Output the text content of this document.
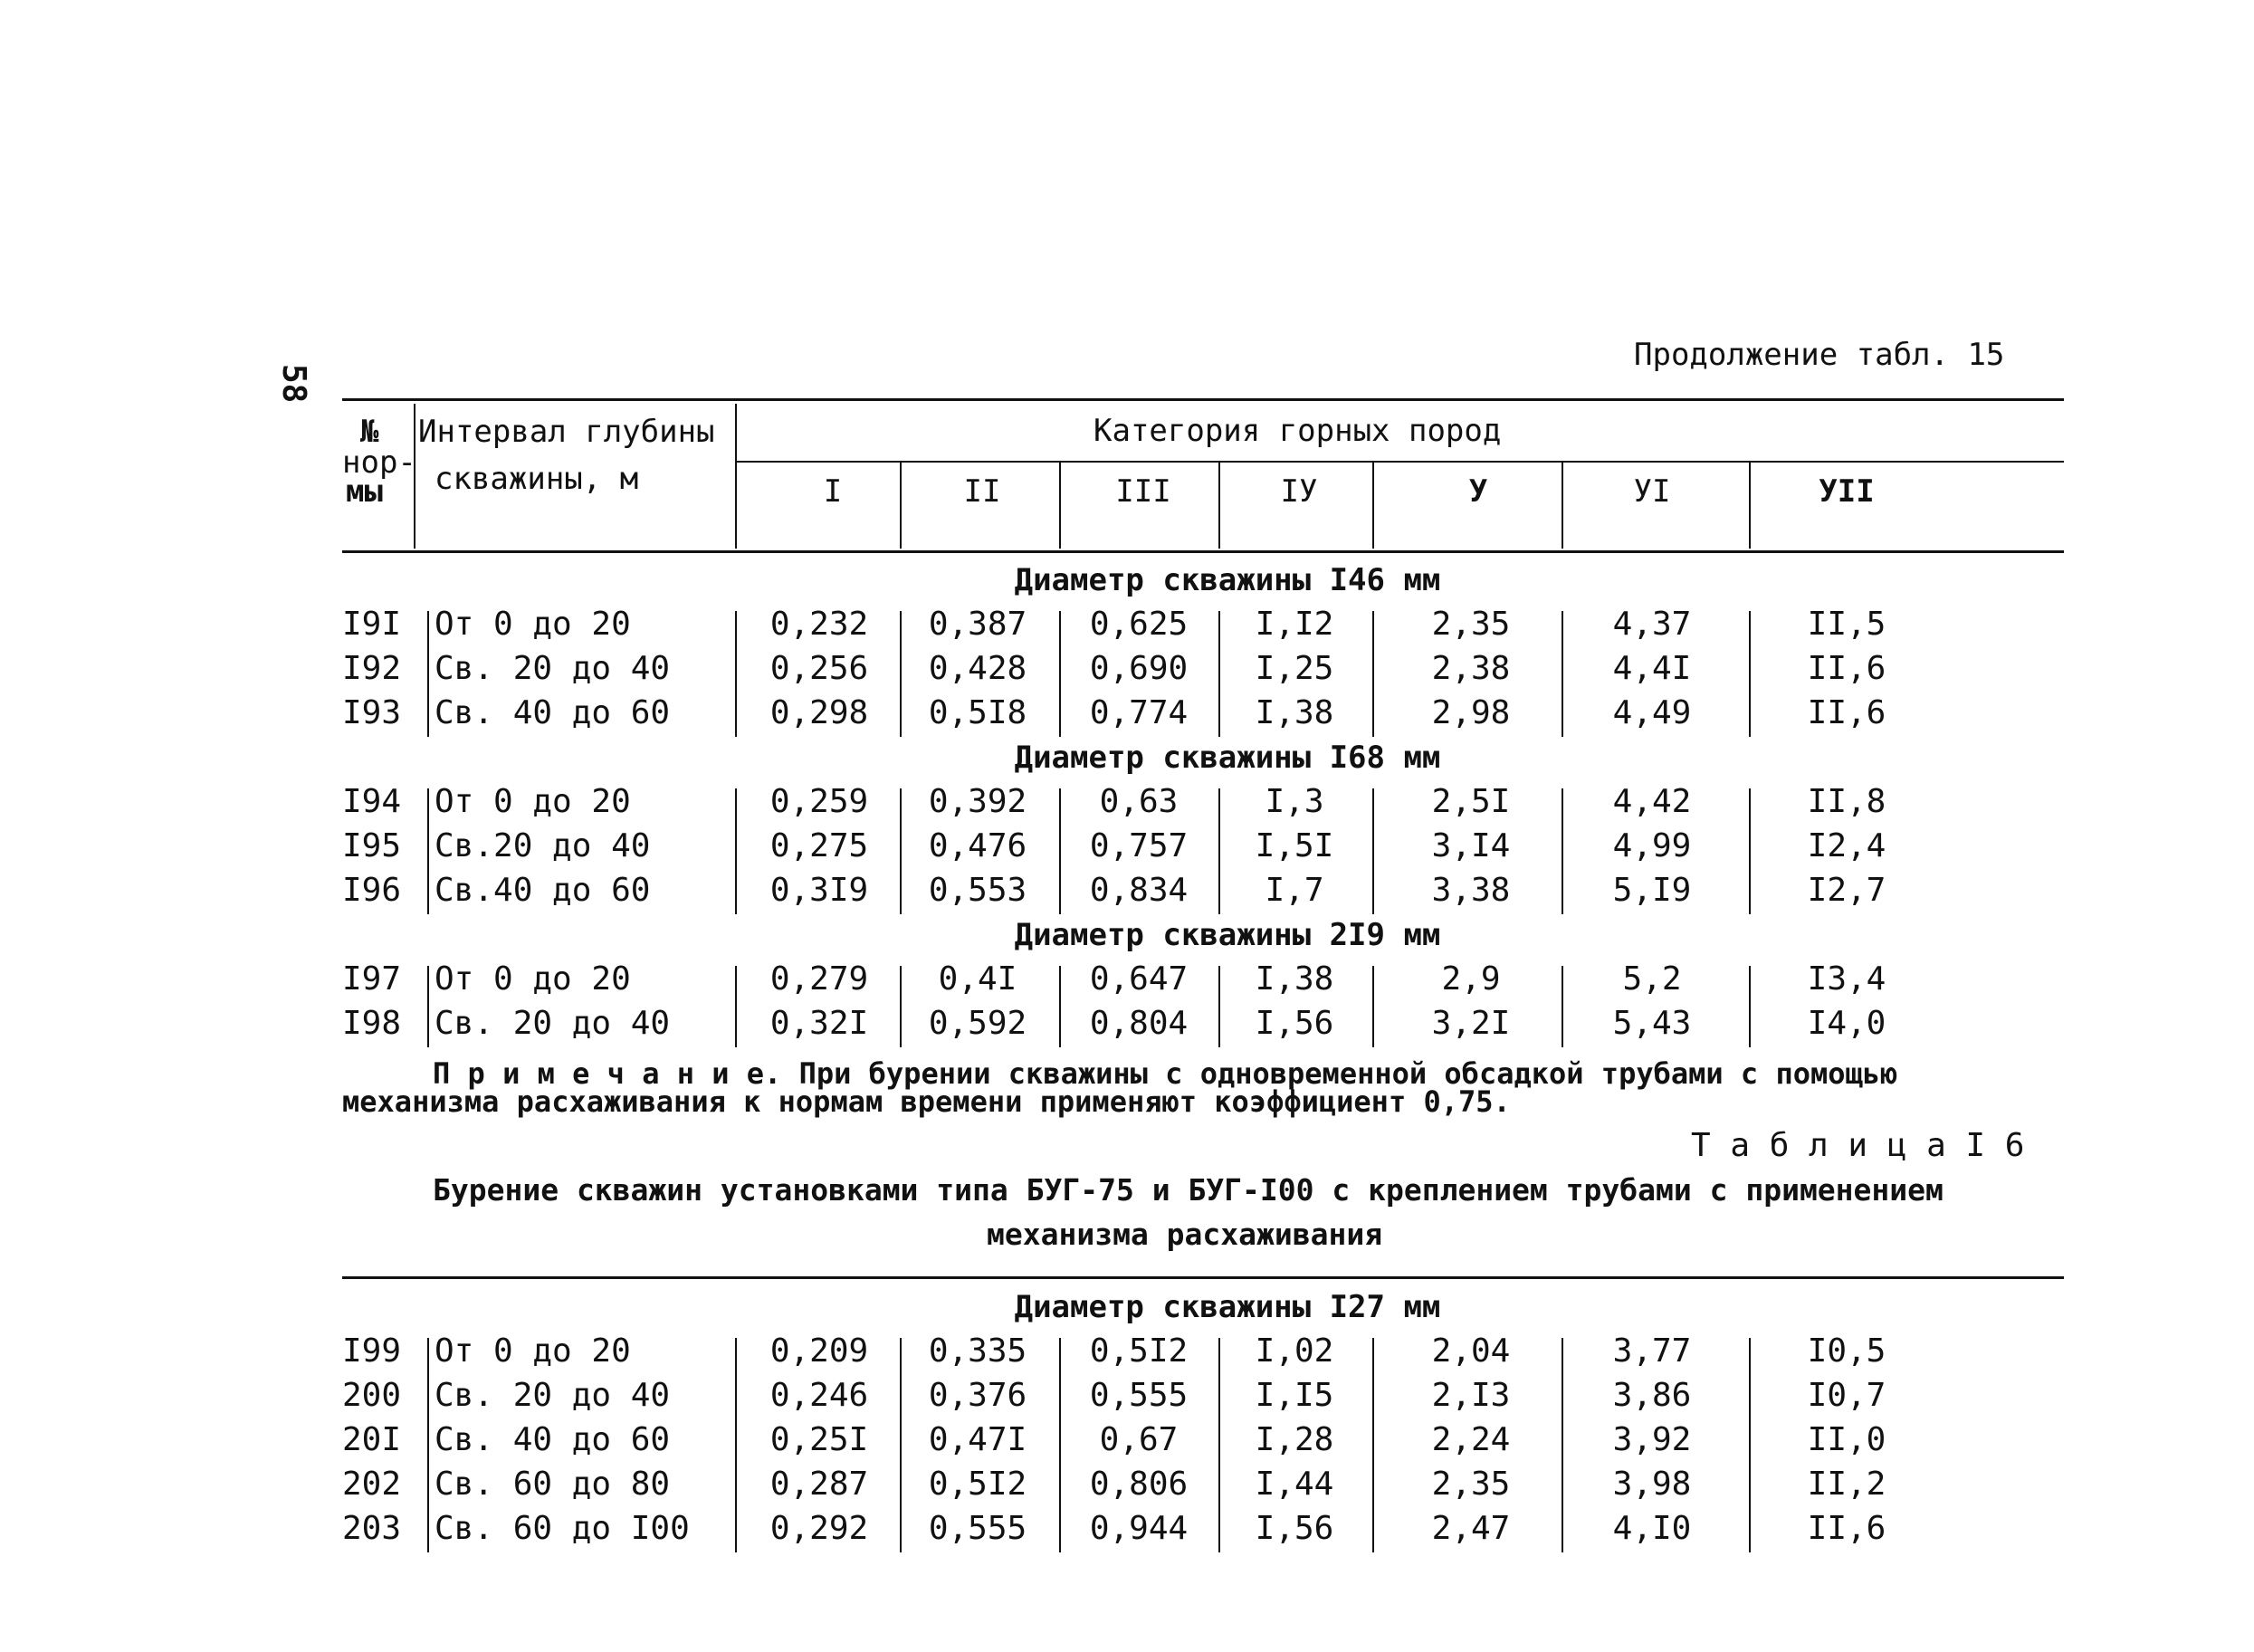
58
Продолжение табл. 15
№
нор-
мы
Интервал глубины
скважины, м
Категория горных пород
I	II	III	IУ	У	УI	УII
Диаметр скважины I46 мм
I9I От 0 до 20	0,232	0,387	0,625	I,I2	2,35	4,37	II,5
I92 Св. 20 до 40	0,256	0,428	0,690	I,25	2,38	4,4I	II,6
I93 Св. 40 до 60	0,298	0,5I8	0,774	I,38	2,98	4,49	II,6
Диаметр скважины I68 мм
I94 От 0 до 20	0,259	0,392	0,63	I,3	2,5I	4,42	II,8
I95 Св.20 до 40	0,275	0,476	0,757	I,5I	3,I4	4,99	I2,4
I96 Св.40 до 60	0,3I9	0,553	0,834	I,7	3,38	5,I9	I2,7
Диаметр скважины 2I9 мм
I97 От 0 до 20	0,279	0,4I	0,647	I,38	2,9	5,2	I3,4
I98 Св. 20 до 40	0,32I	0,592	0,804	I,56	3,2I	5,43	I4,0
П р и м е ч а н и е. При бурении скважины с одновременной обсадкой трубами с помощью
механизма расхаживания к нормам времени применяют коэффициент 0,75.
Т а б л и ц а I 6
Бурение скважин установками типа БУГ-75 и БУГ-I00 с креплением трубами с применением
механизма расхаживания
Диаметр скважины I27 мм
I99 От 0 до 20	0,209	0,335	0,5I2	I,02	2,04	3,77	I0,5
200 Св. 20 до 40	0,246	0,376	0,555	I,I5	2,I3	3,86	I0,7
20I Св. 40 до 60	0,25I	0,47I	0,67	I,28	2,24	3,92	II,0
202 Св. 60 до 80	0,287	0,5I2	0,806	I,44	2,35	3,98	II,2
203 Св. 60 до I00	0,292	0,555	0,944	I,56	2,47	4,I0	II,6
